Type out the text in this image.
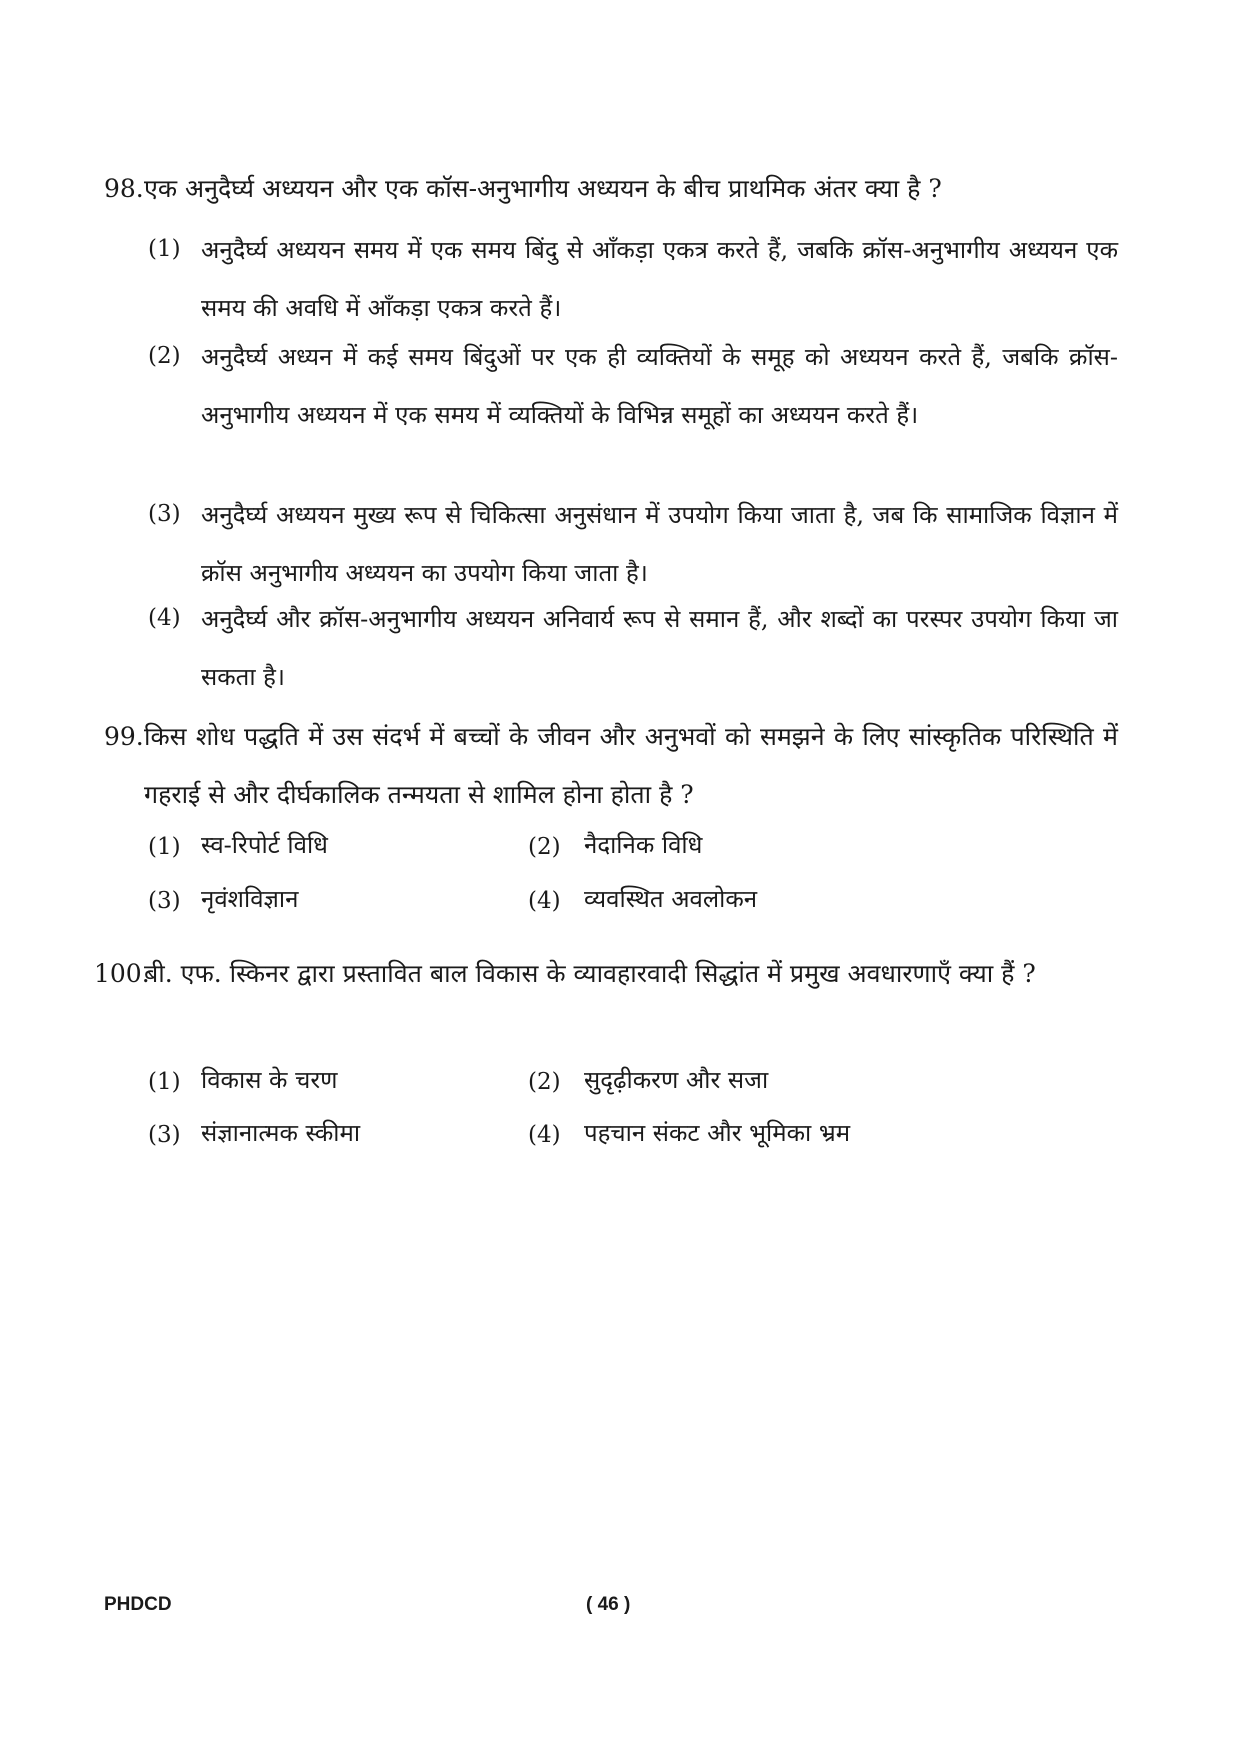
98. एक अनुदैर्घ्य अध्ययन और एक कॉस-अनुभागीय अध्ययन के बीच प्राथमिक अंतर क्या है ?
(1) अनुदैर्घ्य अध्ययन समय में एक समय बिंदु से आँकड़ा एकत्र करते हैं, जबकि क्रॉस-अनुभागीय अध्ययन एक समय की अवधि में आँकड़ा एकत्र करते हैं।
(2) अनुदैर्घ्य अध्यन में कई समय बिंदुओं पर एक ही व्यक्तियों के समूह को अध्ययन करते हैं, जबकि क्रॉस-अनुभागीय अध्ययन में एक समय में व्यक्तियों के विभिन्न समूहों का अध्ययन करते हैं।
(3) अनुदैर्घ्य अध्ययन मुख्य रूप से चिकित्सा अनुसंधान में उपयोग किया जाता है, जब कि सामाजिक विज्ञान में क्रॉस अनुभागीय अध्ययन का उपयोग किया जाता है।
(4) अनुदैर्घ्य और क्रॉस-अनुभागीय अध्ययन अनिवार्य रूप से समान हैं, और शब्दों का परस्पर उपयोग किया जा सकता है।
99. किस शोध पद्धति में उस संदर्भ में बच्चों के जीवन और अनुभवों को समझने के लिए सांस्कृतिक परिस्थिति में गहराई से और दीर्घकालिक तन्मयता से शामिल होना होता है ?
(1) स्व-रिपोर्ट विधि	(2) नैदानिक विधि
(3) नृवंशविज्ञान	(4) व्यवस्थित अवलोकन
100.
बी. एफ. स्किनर द्वारा प्रस्तावित बाल विकास के व्यावहारवादी सिद्धांत में प्रमुख अवधारणाएँ क्या हैं ?
(1) विकास के चरण	(2) सुदृढ़ीकरण और सजा
(3) संज्ञानात्मक स्कीमा	(4) पहचान संकट और भूमिका भ्रम
PHDCD	( 46 )
